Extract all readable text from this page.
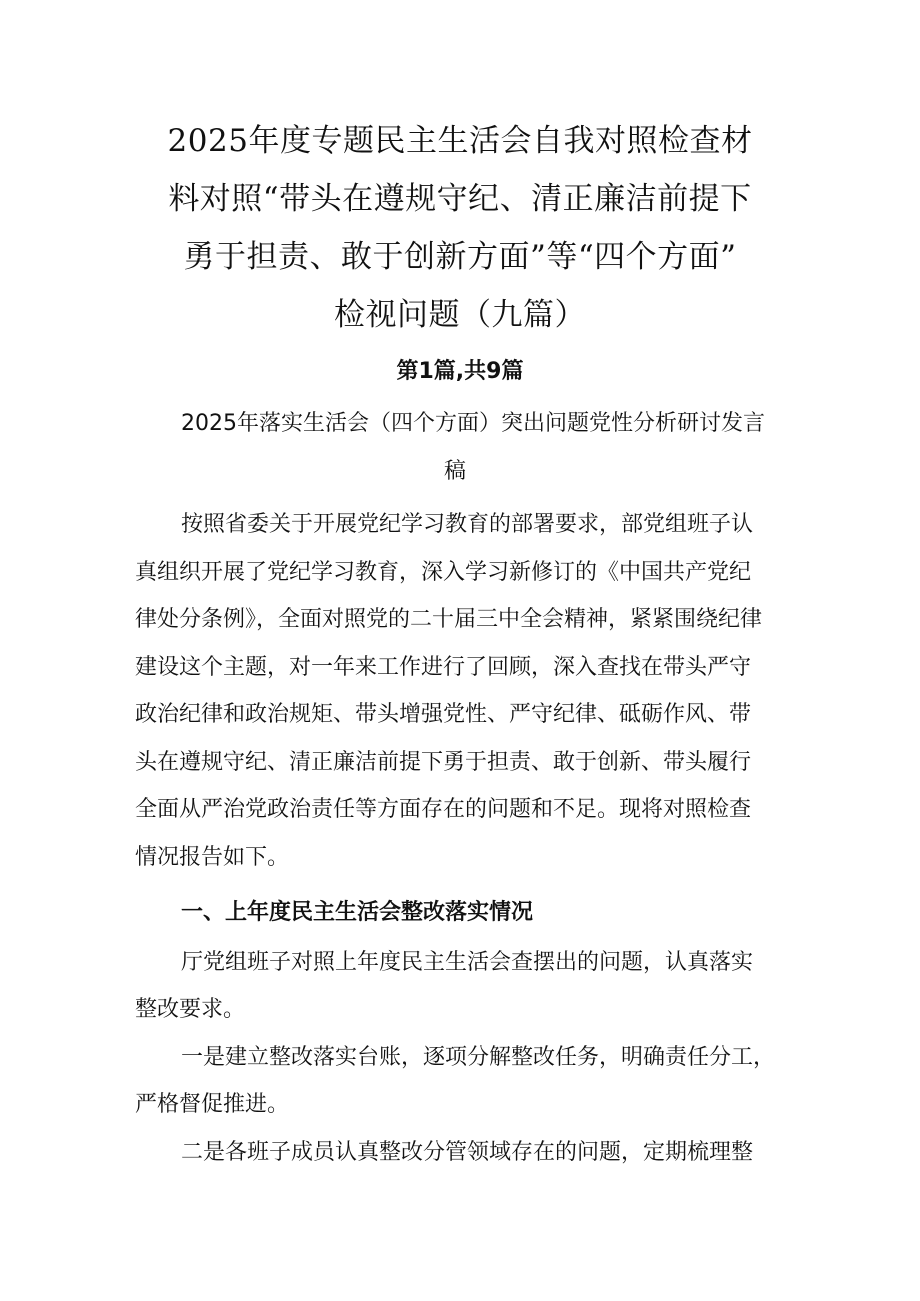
2025年度专题民主生活会自我对照检查材
料对照“带头在遵规守纪、清正廉洁前提下
勇于担责、敢于创新方面”等“四个方面”
检视问题（九篇）
第1篇,共9篇
2025年落实生活会（四个方面）突出问题党性分析研讨发言
稿
按照省委关于开展党纪学习教育的部署要求，部党组班子认
真组织开展了党纪学习教育，深入学习新修订的《中国共产党纪
律处分条例》，全面对照党的二十届三中全会精神，紧紧围绕纪律
建设这个主题，对一年来工作进行了回顾，深入查找在带头严守
政治纪律和政治规矩、带头增强党性、严守纪律、砥砺作风、带
头在遵规守纪、清正廉洁前提下勇于担责、敢于创新、带头履行
全面从严治党政治责任等方面存在的问题和不足。现将对照检查
情况报告如下。
一、上年度民主生活会整改落实情况
厅党组班子对照上年度民主生活会查摆出的问题，认真落实
整改要求。
一是建立整改落实台账，逐项分解整改任务，明确责任分工，
严格督促推进。
二是各班子成员认真整改分管领域存在的问题，定期梳理整
